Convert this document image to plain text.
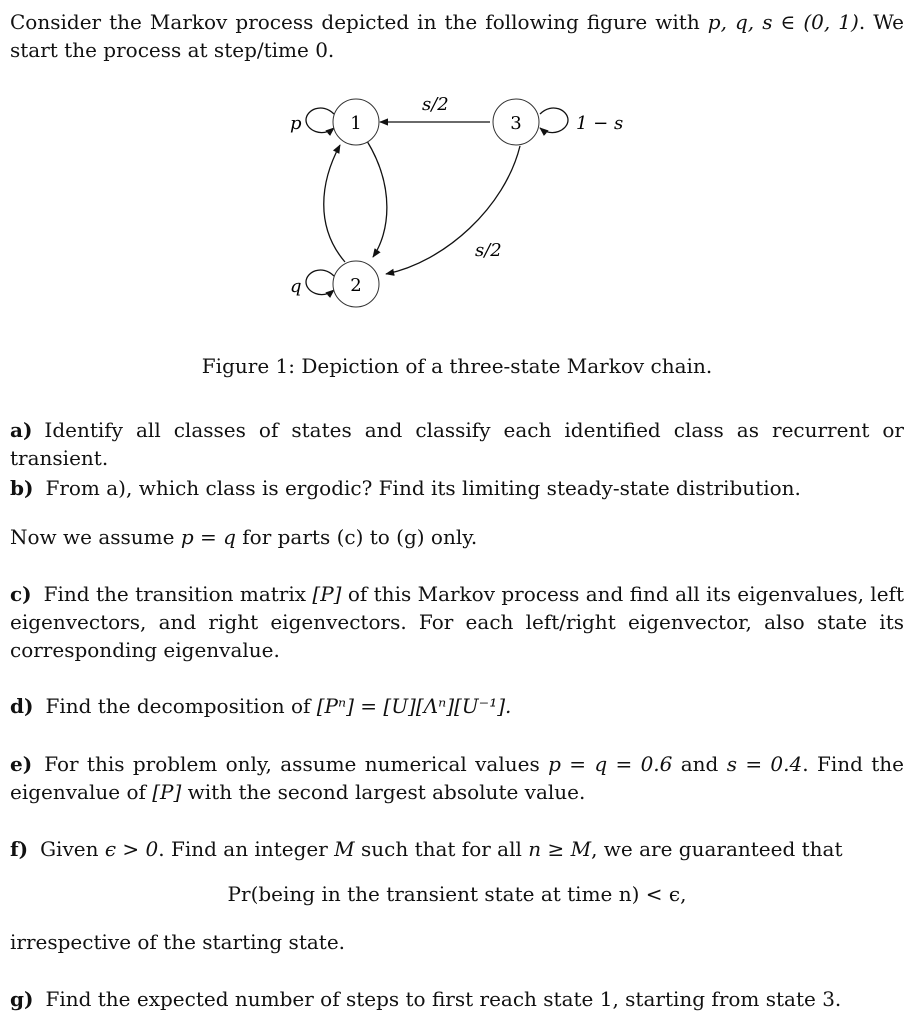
Consider the Markov process depicted in the following figure with p, q, s ∈ (0, 1). We start the process at step/time 0.

1
2
3
p
q
1 − s
s/2
s/2
Figure 1: Depiction of a three-state Markov chain.
a) Identify all classes of states and classify each identified class as recurrent or transient.
b) From a), which class is ergodic? Find its limiting steady-state distribution.
Now we assume p = q for parts (c) to (g) only.
c) Find the transition matrix [P] of this Markov process and find all its eigenvalues, left eigenvectors, and right eigenvectors. For each left/right eigenvector, also state its corresponding eigenvalue.
d) Find the decomposition of [Pⁿ] = [U][Λⁿ][U⁻¹].
e) For this problem only, assume numerical values p = q = 0.6 and s = 0.4. Find the eigenvalue of [P] with the second largest absolute value.
f) Given ϵ > 0. Find an integer M such that for all n ≥ M, we are guaranteed that
Pr(being in the transient state at time n) < ϵ,
irrespective of the starting state.
g) Find the expected number of steps to first reach state 1, starting from state 3.
